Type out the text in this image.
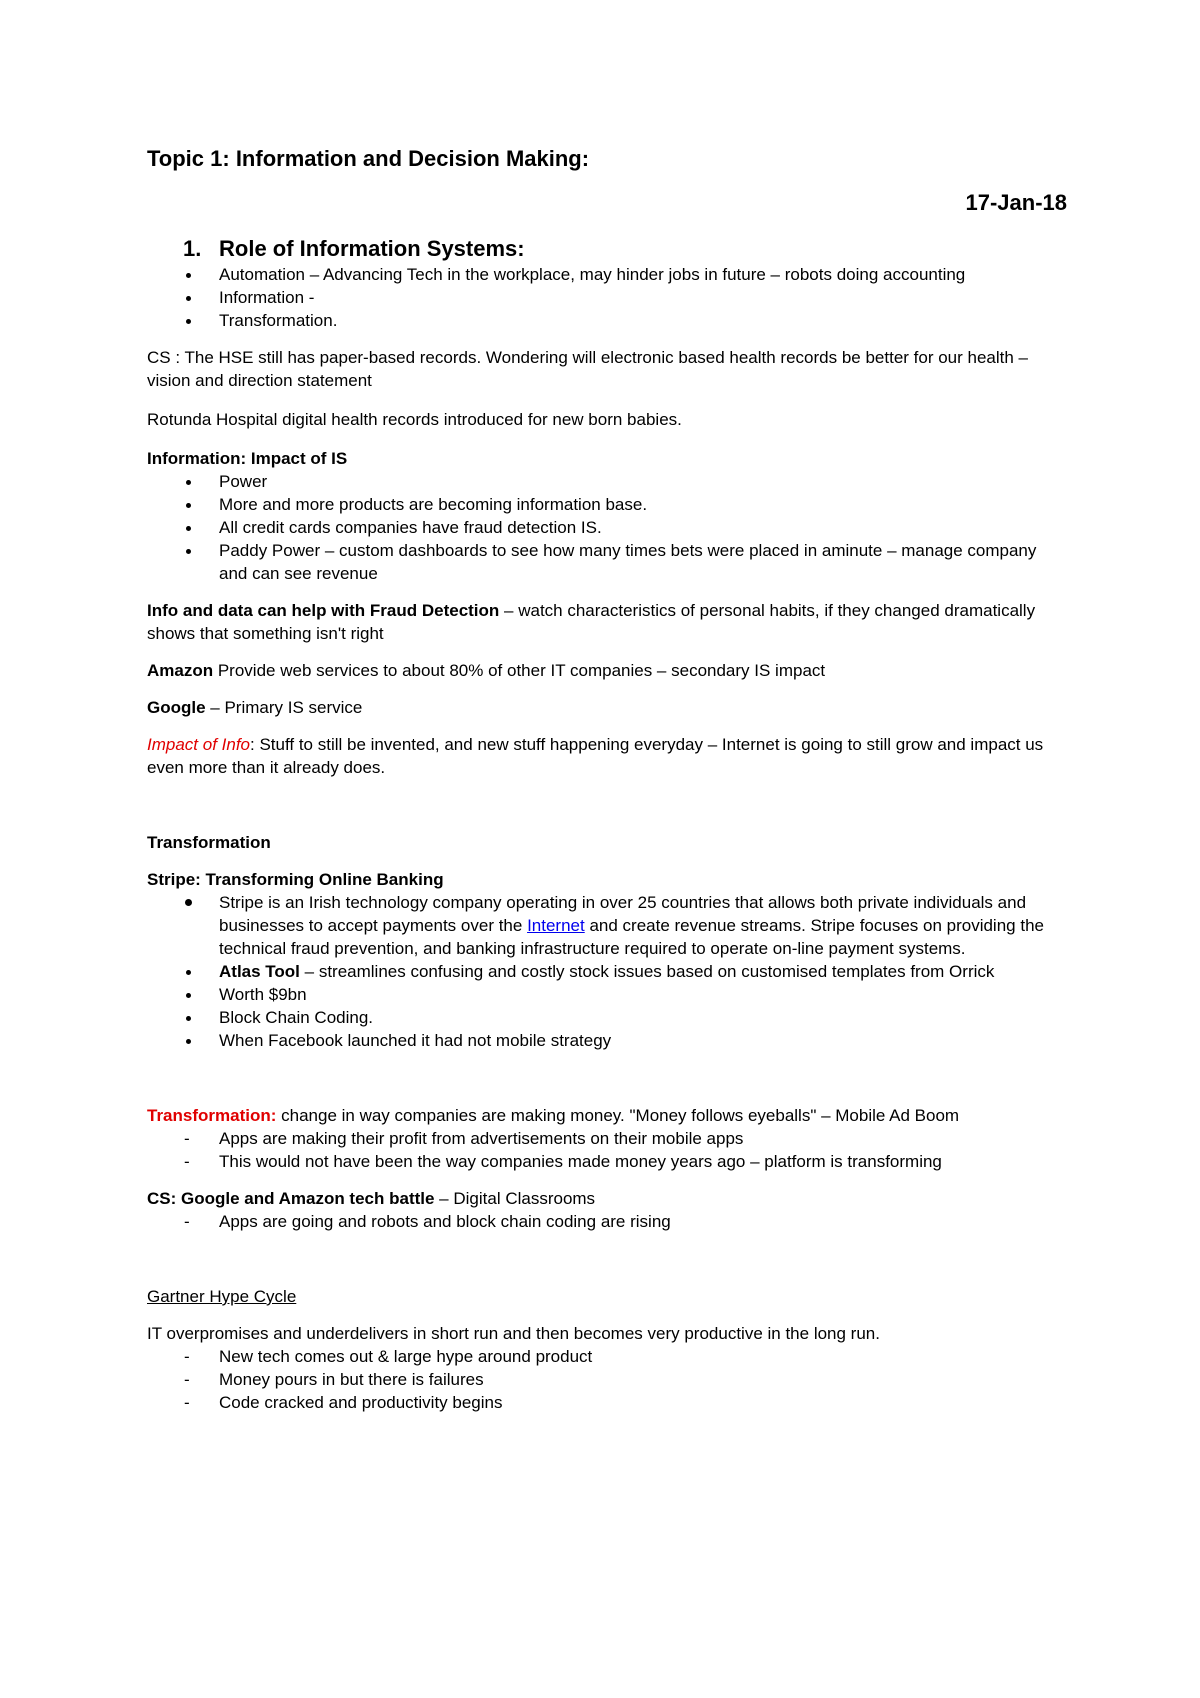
Topic 1: Information and Decision Making:

17-Jan-18

1. Role of Information Systems:
Automation – Advancing Tech in the workplace, may hinder jobs in future – robots doing accounting
Information -
Transformation.

CS : The HSE still has paper-based records. Wondering will electronic based health records be better for our health – vision and direction statement

Rotunda Hospital digital health records introduced for new born babies.

Information: Impact of IS

Power
More and more products are becoming information base.
All credit cards companies have fraud detection IS.
Paddy Power – custom dashboards to see how many times bets were placed in aminute – manage company and can see revenue

Info and data can help with Fraud Detection – watch characteristics of personal habits, if they changed dramatically shows that something isn't right

Amazon Provide web services to about 80% of other IT companies – secondary IS impact

Google – Primary IS service

Impact of Info: Stuff to still be invented, and new stuff happening everyday – Internet is going to still grow and impact us even more than it already does.

Transformation

Stripe: Transforming Online Banking

Stripe is an Irish technology company operating in over 25 countries that allows both private individuals and businesses to accept payments over the Internet and create revenue streams. Stripe focuses on providing the technical fraud prevention, and banking infrastructure required to operate on-line payment systems.
Atlas Tool – streamlines confusing and costly stock issues based on customised templates from Orrick
Worth $9bn
Block Chain Coding.
When Facebook launched it had not mobile strategy

Transformation: change in way companies are making money. "Money follows eyeballs" – Mobile Ad Boom

- Apps are making their profit from advertisements on their mobile apps
- This would not have been the way companies made money years ago – platform is transforming

CS: Google and Amazon tech battle – Digital Classrooms

- Apps are going and robots and block chain coding are rising

Gartner Hype Cycle

IT overpromises and underdelivers in short run and then becomes very productive in the long run.

- New tech comes out & large hype around product
- Money pours in but there is failures
- Code cracked and productivity begins
